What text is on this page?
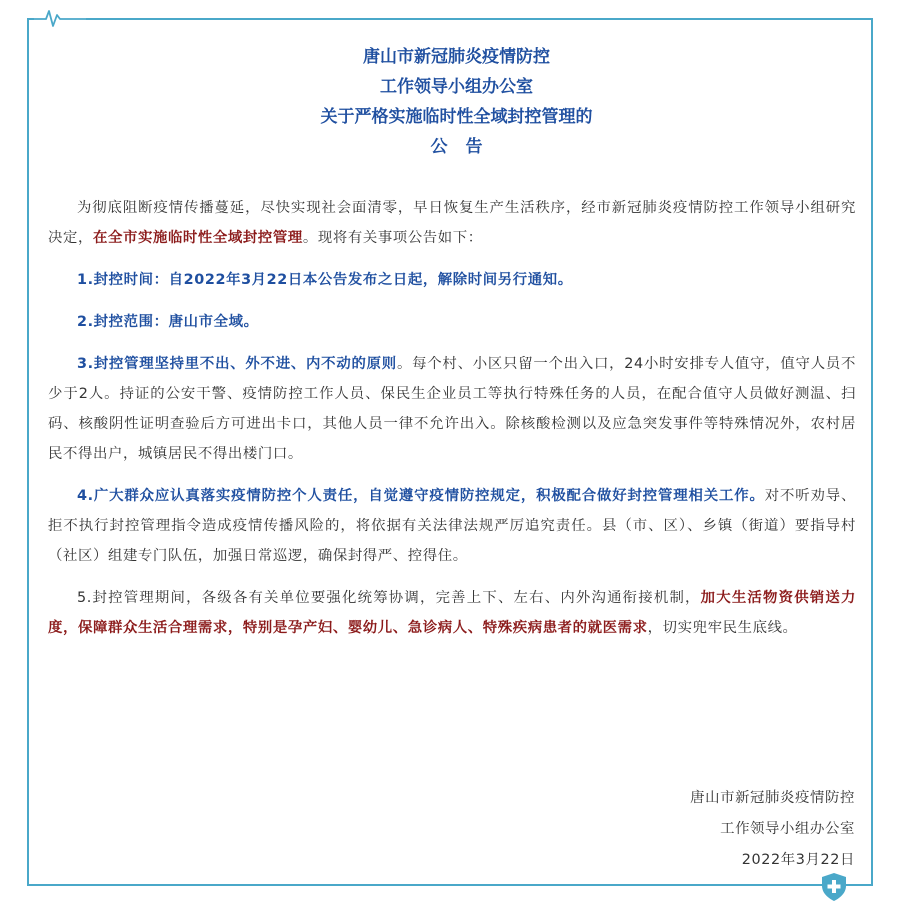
唐山市新冠肺炎疫情防控
工作领导小组办公室
关于严格实施临时性全域封控管理的
公告

为彻底阻断疫情传播蔓延，尽快实现社会面清零，早日恢复生产生活秩序，经市新冠肺炎疫情防控工作领导小组研究决定，在全市实施临时性全域封控管理。现将有关事项公告如下：

1.封控时间：自2022年3月22日本公告发布之日起，解除时间另行通知。

2.封控范围：唐山市全域。

3.封控管理坚持里不出、外不进、内不动的原则。每个村、小区只留一个出入口，24小时安排专人值守，值守人员不少于2人。持证的公安干警、疫情防控工作人员、保民生企业员工等执行特殊任务的人员，在配合值守人员做好测温、扫码、核酸阴性证明查验后方可进出卡口，其他人员一律不允许出入。除核酸检测以及应急突发事件等特殊情况外，农村居民不得出户，城镇居民不得出楼门口。

4.广大群众应认真落实疫情防控个人责任，自觉遵守疫情防控规定，积极配合做好封控管理相关工作。对不听劝导、拒不执行封控管理指令造成疫情传播风险的，将依据有关法律法规严厉追究责任。县（市、区）、乡镇（街道）要指导村（社区）组建专门队伍，加强日常巡逻，确保封得严、控得住。

5.封控管理期间，各级各有关单位要强化统筹协调，完善上下、左右、内外沟通衔接机制，加大生活物资供销送力度，保障群众生活合理需求，特别是孕产妇、婴幼儿、急诊病人、特殊疾病患者的就医需求，切实兜牢民生底线。

唐山市新冠肺炎疫情防控
工作领导小组办公室
2022年3月22日
